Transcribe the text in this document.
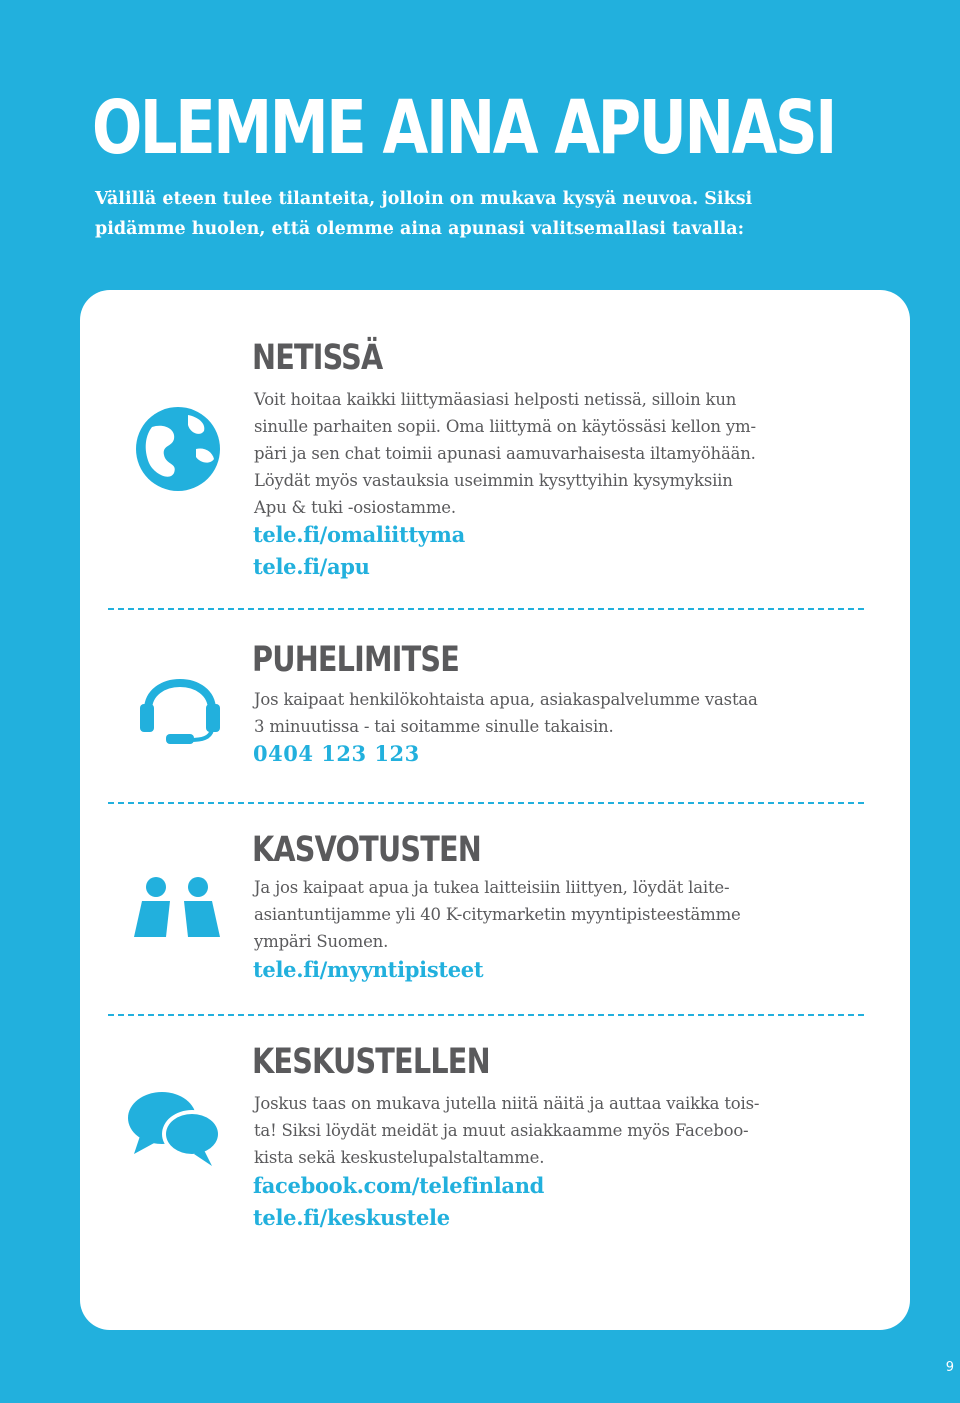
OLEMME AINA APUNASI
Välillä eteen tulee tilanteita, jolloin on mukava kysyä neuvoa. Siksi
pidämme huolen, että olemme aina apunasi valitsemallasi tavalla:
NETISSÄ
Voit hoitaa kaikki liittymäasiasi helposti netissä, silloin kun
sinulle parhaiten sopii. Oma liittymä on käytössäsi kellon ym-
päri ja sen chat toimii apunasi aamuvarhaisesta iltamyöhään.
Löydät myös vastauksia useimmin kysyttyihin kysymyksiin
Apu & tuki -osiostamme.
tele.fi/omaliittyma
tele.fi/apu
PUHELIMITSE
Jos kaipaat henkilökohtaista apua, asiakaspalvelumme vastaa
3 minuutissa - tai soitamme sinulle takaisin.
0404 123 123
KASVOTUSTEN
Ja jos kaipaat apua ja tukea laitteisiin liittyen, löydät laite-
asiantuntijamme yli 40 K-citymarketin myyntipisteestämme
ympäri Suomen.
tele.fi/myyntipisteet
KESKUSTELLEN
Joskus taas on mukava jutella niitä näitä ja auttaa vaikka tois-
ta! Siksi löydät meidät ja muut asiakkaamme myös Faceboo-
kista sekä keskustelupalstaltamme.
facebook.com/telefinland
tele.fi/keskustele
9
